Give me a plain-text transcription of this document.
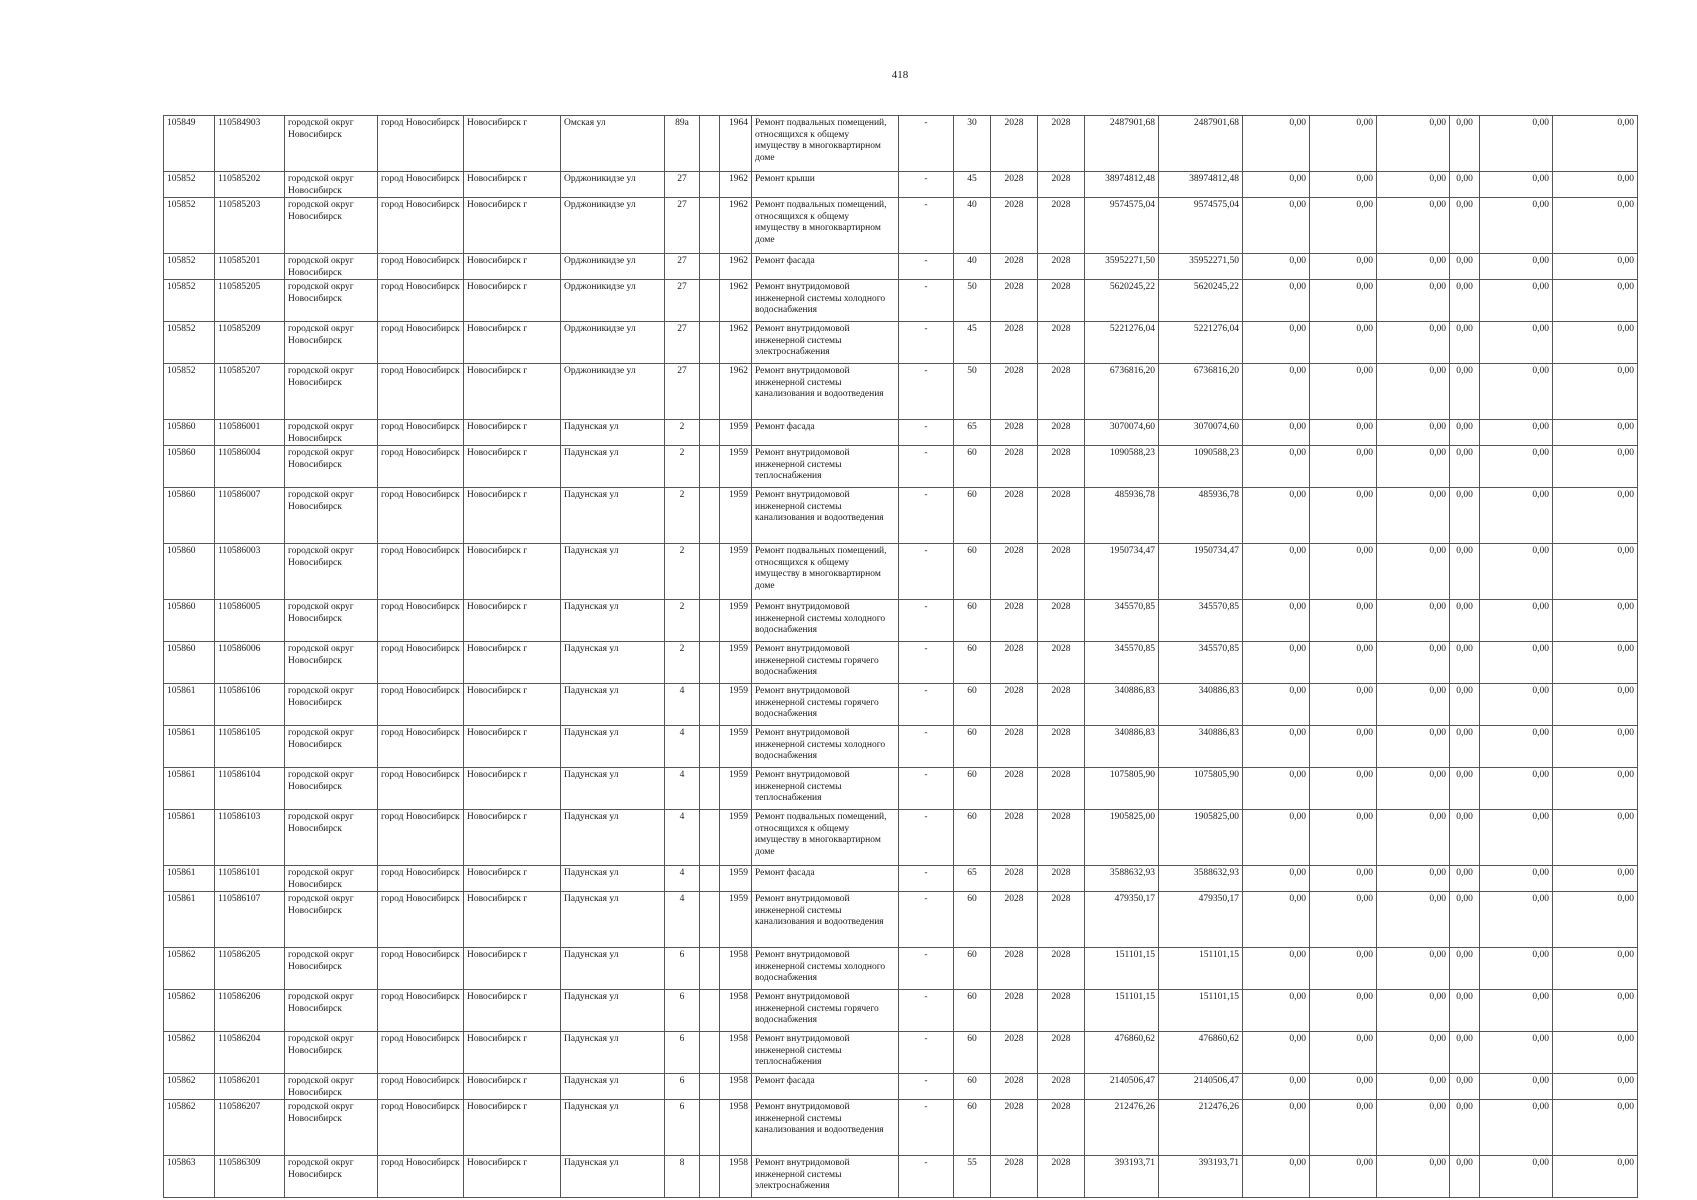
418
105849	110584903	городской округ Новосибирск	город Новосибирск	Новосибирск г	Омская ул	89а		1964	Ремонт подвальных помещений, относящихся к общему имуществу в многоквартирном доме	-	30	2028	2028	2487901,68	2487901,68	0,00	0,00	0,00	0,00	0,00	0,00
105852	110585202	городской округ Новосибирск	город Новосибирск	Новосибирск г	Орджоникидзе ул	27		1962	Ремонт крыши	-	45	2028	2028	38974812,48	38974812,48	0,00	0,00	0,00	0,00	0,00	0,00
105852	110585203	городской округ Новосибирск	город Новосибирск	Новосибирск г	Орджоникидзе ул	27		1962	Ремонт подвальных помещений, относящихся к общему имуществу в многоквартирном доме	-	40	2028	2028	9574575,04	9574575,04	0,00	0,00	0,00	0,00	0,00	0,00
105852	110585201	городской округ Новосибирск	город Новосибирск	Новосибирск г	Орджоникидзе ул	27		1962	Ремонт фасада	-	40	2028	2028	35952271,50	35952271,50	0,00	0,00	0,00	0,00	0,00	0,00
105852	110585205	городской округ Новосибирск	город Новосибирск	Новосибирск г	Орджоникидзе ул	27		1962	Ремонт внутридомовой инженерной системы холодного водоснабжения	-	50	2028	2028	5620245,22	5620245,22	0,00	0,00	0,00	0,00	0,00	0,00
105852	110585209	городской округ Новосибирск	город Новосибирск	Новосибирск г	Орджоникидзе ул	27		1962	Ремонт внутридомовой инженерной системы электроснабжения	-	45	2028	2028	5221276,04	5221276,04	0,00	0,00	0,00	0,00	0,00	0,00
105852	110585207	городской округ Новосибирск	город Новосибирск	Новосибирск г	Орджоникидзе ул	27		1962	Ремонт внутридомовой инженерной системы канализования и водоотведения	-	50	2028	2028	6736816,20	6736816,20	0,00	0,00	0,00	0,00	0,00	0,00
105860	110586001	городской округ Новосибирск	город Новосибирск	Новосибирск г	Падунская ул	2		1959	Ремонт фасада	-	65	2028	2028	3070074,60	3070074,60	0,00	0,00	0,00	0,00	0,00	0,00
105860	110586004	городской округ Новосибирск	город Новосибирск	Новосибирск г	Падунская ул	2		1959	Ремонт внутридомовой инженерной системы теплоснабжения	-	60	2028	2028	1090588,23	1090588,23	0,00	0,00	0,00	0,00	0,00	0,00
105860	110586007	городской округ Новосибирск	город Новосибирск	Новосибирск г	Падунская ул	2		1959	Ремонт внутридомовой инженерной системы канализования и водоотведения	-	60	2028	2028	485936,78	485936,78	0,00	0,00	0,00	0,00	0,00	0,00
105860	110586003	городской округ Новосибирск	город Новосибирск	Новосибирск г	Падунская ул	2		1959	Ремонт подвальных помещений, относящихся к общему имуществу в многоквартирном доме	-	60	2028	2028	1950734,47	1950734,47	0,00	0,00	0,00	0,00	0,00	0,00
105860	110586005	городской округ Новосибирск	город Новосибирск	Новосибирск г	Падунская ул	2		1959	Ремонт внутридомовой инженерной системы холодного водоснабжения	-	60	2028	2028	345570,85	345570,85	0,00	0,00	0,00	0,00	0,00	0,00
105860	110586006	городской округ Новосибирск	город Новосибирск	Новосибирск г	Падунская ул	2		1959	Ремонт внутридомовой инженерной системы горячего водоснабжения	-	60	2028	2028	345570,85	345570,85	0,00	0,00	0,00	0,00	0,00	0,00
105861	110586106	городской округ Новосибирск	город Новосибирск	Новосибирск г	Падунская ул	4		1959	Ремонт внутридомовой инженерной системы горячего водоснабжения	-	60	2028	2028	340886,83	340886,83	0,00	0,00	0,00	0,00	0,00	0,00
105861	110586105	городской округ Новосибирск	город Новосибирск	Новосибирск г	Падунская ул	4		1959	Ремонт внутридомовой инженерной системы холодного водоснабжения	-	60	2028	2028	340886,83	340886,83	0,00	0,00	0,00	0,00	0,00	0,00
105861	110586104	городской округ Новосибирск	город Новосибирск	Новосибирск г	Падунская ул	4		1959	Ремонт внутридомовой инженерной системы теплоснабжения	-	60	2028	2028	1075805,90	1075805,90	0,00	0,00	0,00	0,00	0,00	0,00
105861	110586103	городской округ Новосибирск	город Новосибирск	Новосибирск г	Падунская ул	4		1959	Ремонт подвальных помещений, относящихся к общему имуществу в многоквартирном доме	-	60	2028	2028	1905825,00	1905825,00	0,00	0,00	0,00	0,00	0,00	0,00
105861	110586101	городской округ Новосибирск	город Новосибирск	Новосибирск г	Падунская ул	4		1959	Ремонт фасада	-	65	2028	2028	3588632,93	3588632,93	0,00	0,00	0,00	0,00	0,00	0,00
105861	110586107	городской округ Новосибирск	город Новосибирск	Новосибирск г	Падунская ул	4		1959	Ремонт внутридомовой инженерной системы канализования и водоотведения	-	60	2028	2028	479350,17	479350,17	0,00	0,00	0,00	0,00	0,00	0,00
105862	110586205	городской округ Новосибирск	город Новосибирск	Новосибирск г	Падунская ул	6		1958	Ремонт внутридомовой инженерной системы холодного водоснабжения	-	60	2028	2028	151101,15	151101,15	0,00	0,00	0,00	0,00	0,00	0,00
105862	110586206	городской округ Новосибирск	город Новосибирск	Новосибирск г	Падунская ул	6		1958	Ремонт внутридомовой инженерной системы горячего водоснабжения	-	60	2028	2028	151101,15	151101,15	0,00	0,00	0,00	0,00	0,00	0,00
105862	110586204	городской округ Новосибирск	город Новосибирск	Новосибирск г	Падунская ул	6		1958	Ремонт внутридомовой инженерной системы теплоснабжения	-	60	2028	2028	476860,62	476860,62	0,00	0,00	0,00	0,00	0,00	0,00
105862	110586201	городской округ Новосибирск	город Новосибирск	Новосибирск г	Падунская ул	6		1958	Ремонт фасада	-	60	2028	2028	2140506,47	2140506,47	0,00	0,00	0,00	0,00	0,00	0,00
105862	110586207	городской округ Новосибирск	город Новосибирск	Новосибирск г	Падунская ул	6		1958	Ремонт внутридомовой инженерной системы канализования и водоотведения	-	60	2028	2028	212476,26	212476,26	0,00	0,00	0,00	0,00	0,00	0,00
105863	110586309	городской округ Новосибирск	город Новосибирск	Новосибирск г	Падунская ул	8		1958	Ремонт внутридомовой инженерной системы электроснабжения	-	55	2028	2028	393193,71	393193,71	0,00	0,00	0,00	0,00	0,00	0,00
